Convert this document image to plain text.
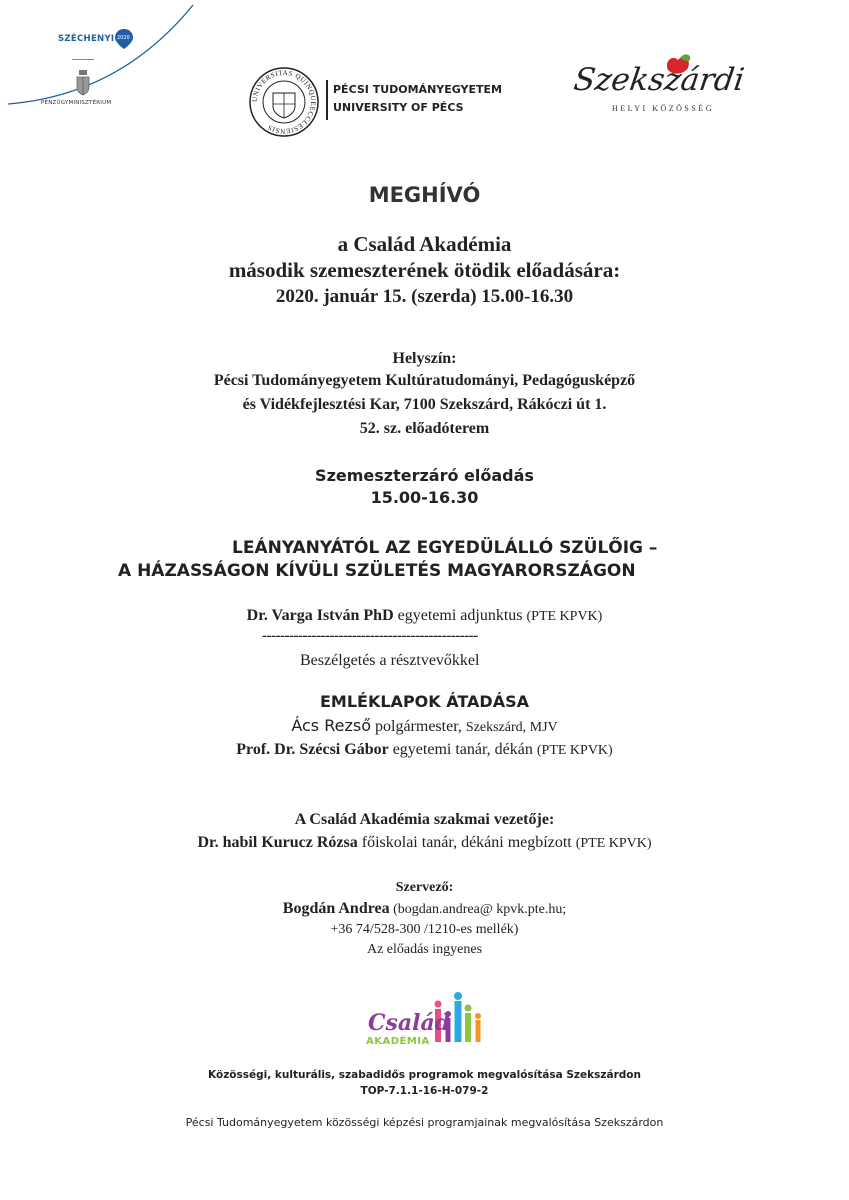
SZÉCHENYI 2020
PÉNZÜGYMINISZTÉRIUM
UNIVERSITAS QUINQUEECCLESIENSIS
PÉCSI TUDOMÁNYEGYETEM
UNIVERSITY OF PÉCS
Szekszárdi
HELYI KÖZÖSSÉG
MEGHÍVÓ
a Család Akadémia
második szemeszterének ötödik előadására:
2020. január 15. (szerda) 15.00-16.30
Helyszín:
Pécsi Tudományegyetem Kultúratudományi, Pedagógusképző
és Vidékfejlesztési Kar, 7100 Szekszárd, Rákóczi út 1.
52. sz. előadóterem
Szemeszterzáró előadás
15.00-16.30
LEÁNYANYÁTÓL AZ EGYEDÜLÁLLÓ SZÜLŐIG –
A HÁZASSÁGON KÍVÜLI SZÜLETÉS MAGYARORSZÁGON
Dr. Varga István PhD egyetemi adjunktus (PTE KPVK)
------------------------------------------------
Beszélgetés a résztvevőkkel
EMLÉKLAPOK ÁTADÁSA
Ács Rezső polgármester, Szekszárd, MJV
Prof. Dr. Szécsi Gábor egyetemi tanár, dékán (PTE KPVK)
A Család Akadémia szakmai vezetője:
Dr. habil Kurucz Rózsa főiskolai tanár, dékáni megbízott (PTE KPVK)
Szervező:
Bogdán Andrea (bogdan.andrea@ kpvk.pte.hu;
+36 74/528-300 /1210-es mellék)
Az előadás ingyenes
Család
AKADÉMIA
Közösségi, kulturális, szabadidős programok megvalósítása Szekszárdon
TOP-7.1.1-16-H-079-2
Pécsi Tudományegyetem közösségi képzési programjainak megvalósítása Szekszárdon
